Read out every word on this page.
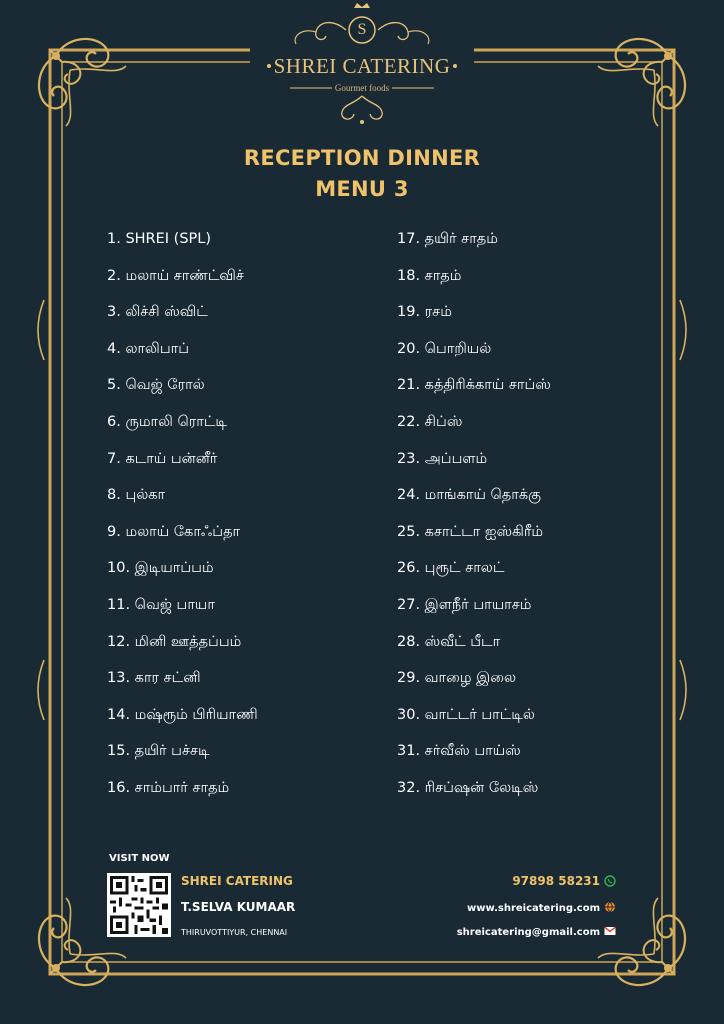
S
SHREI CATERING
Gourmet foods
RECEPTION DINNER
MENU 3
1. SHREI (SPL)
2. மலாய் சாண்ட்விச்
3. லிச்சி ஸ்விட்
4. லாலிபாப்
5. வெஜ் ரோல்
6. ருமாலி ரொட்டி
7. கடாய் பன்னீர்
8. புல்கா
9. மலாய் கோஃப்தா
10. இடியாப்பம்
11. வெஜ் பாயா
12. மினி ஊத்தப்பம்
13. கார சட்னி
14. மஷ்ரூம் பிரியாணி
15. தயிர் பச்சடி
16. சாம்பார் சாதம்
17. தயிர் சாதம்
18. சாதம்
19. ரசம்
20. பொறியல்
21. கத்திரிக்காய் சாப்ஸ்
22. சிப்ஸ்
23. அப்பளம்
24. மாங்காய் தொக்கு
25. கசாட்டா ஐஸ்கிரீம்
26. புரூட் சாலட்
27. இளநீர் பாயாசம்
28. ஸ்வீட் பீடா
29. வாழை இலை
30. வாட்டர் பாட்டில்
31. சர்வீஸ் பாய்ஸ்
32. ரிசப்ஷன் லேடிஸ்
VISIT NOW
SHREI CATERING
T.SELVA KUMAAR
THIRUVOTTIYUR, CHENNAI
97898 58231
www.shreicatering.com
shreicatering@gmail.com
